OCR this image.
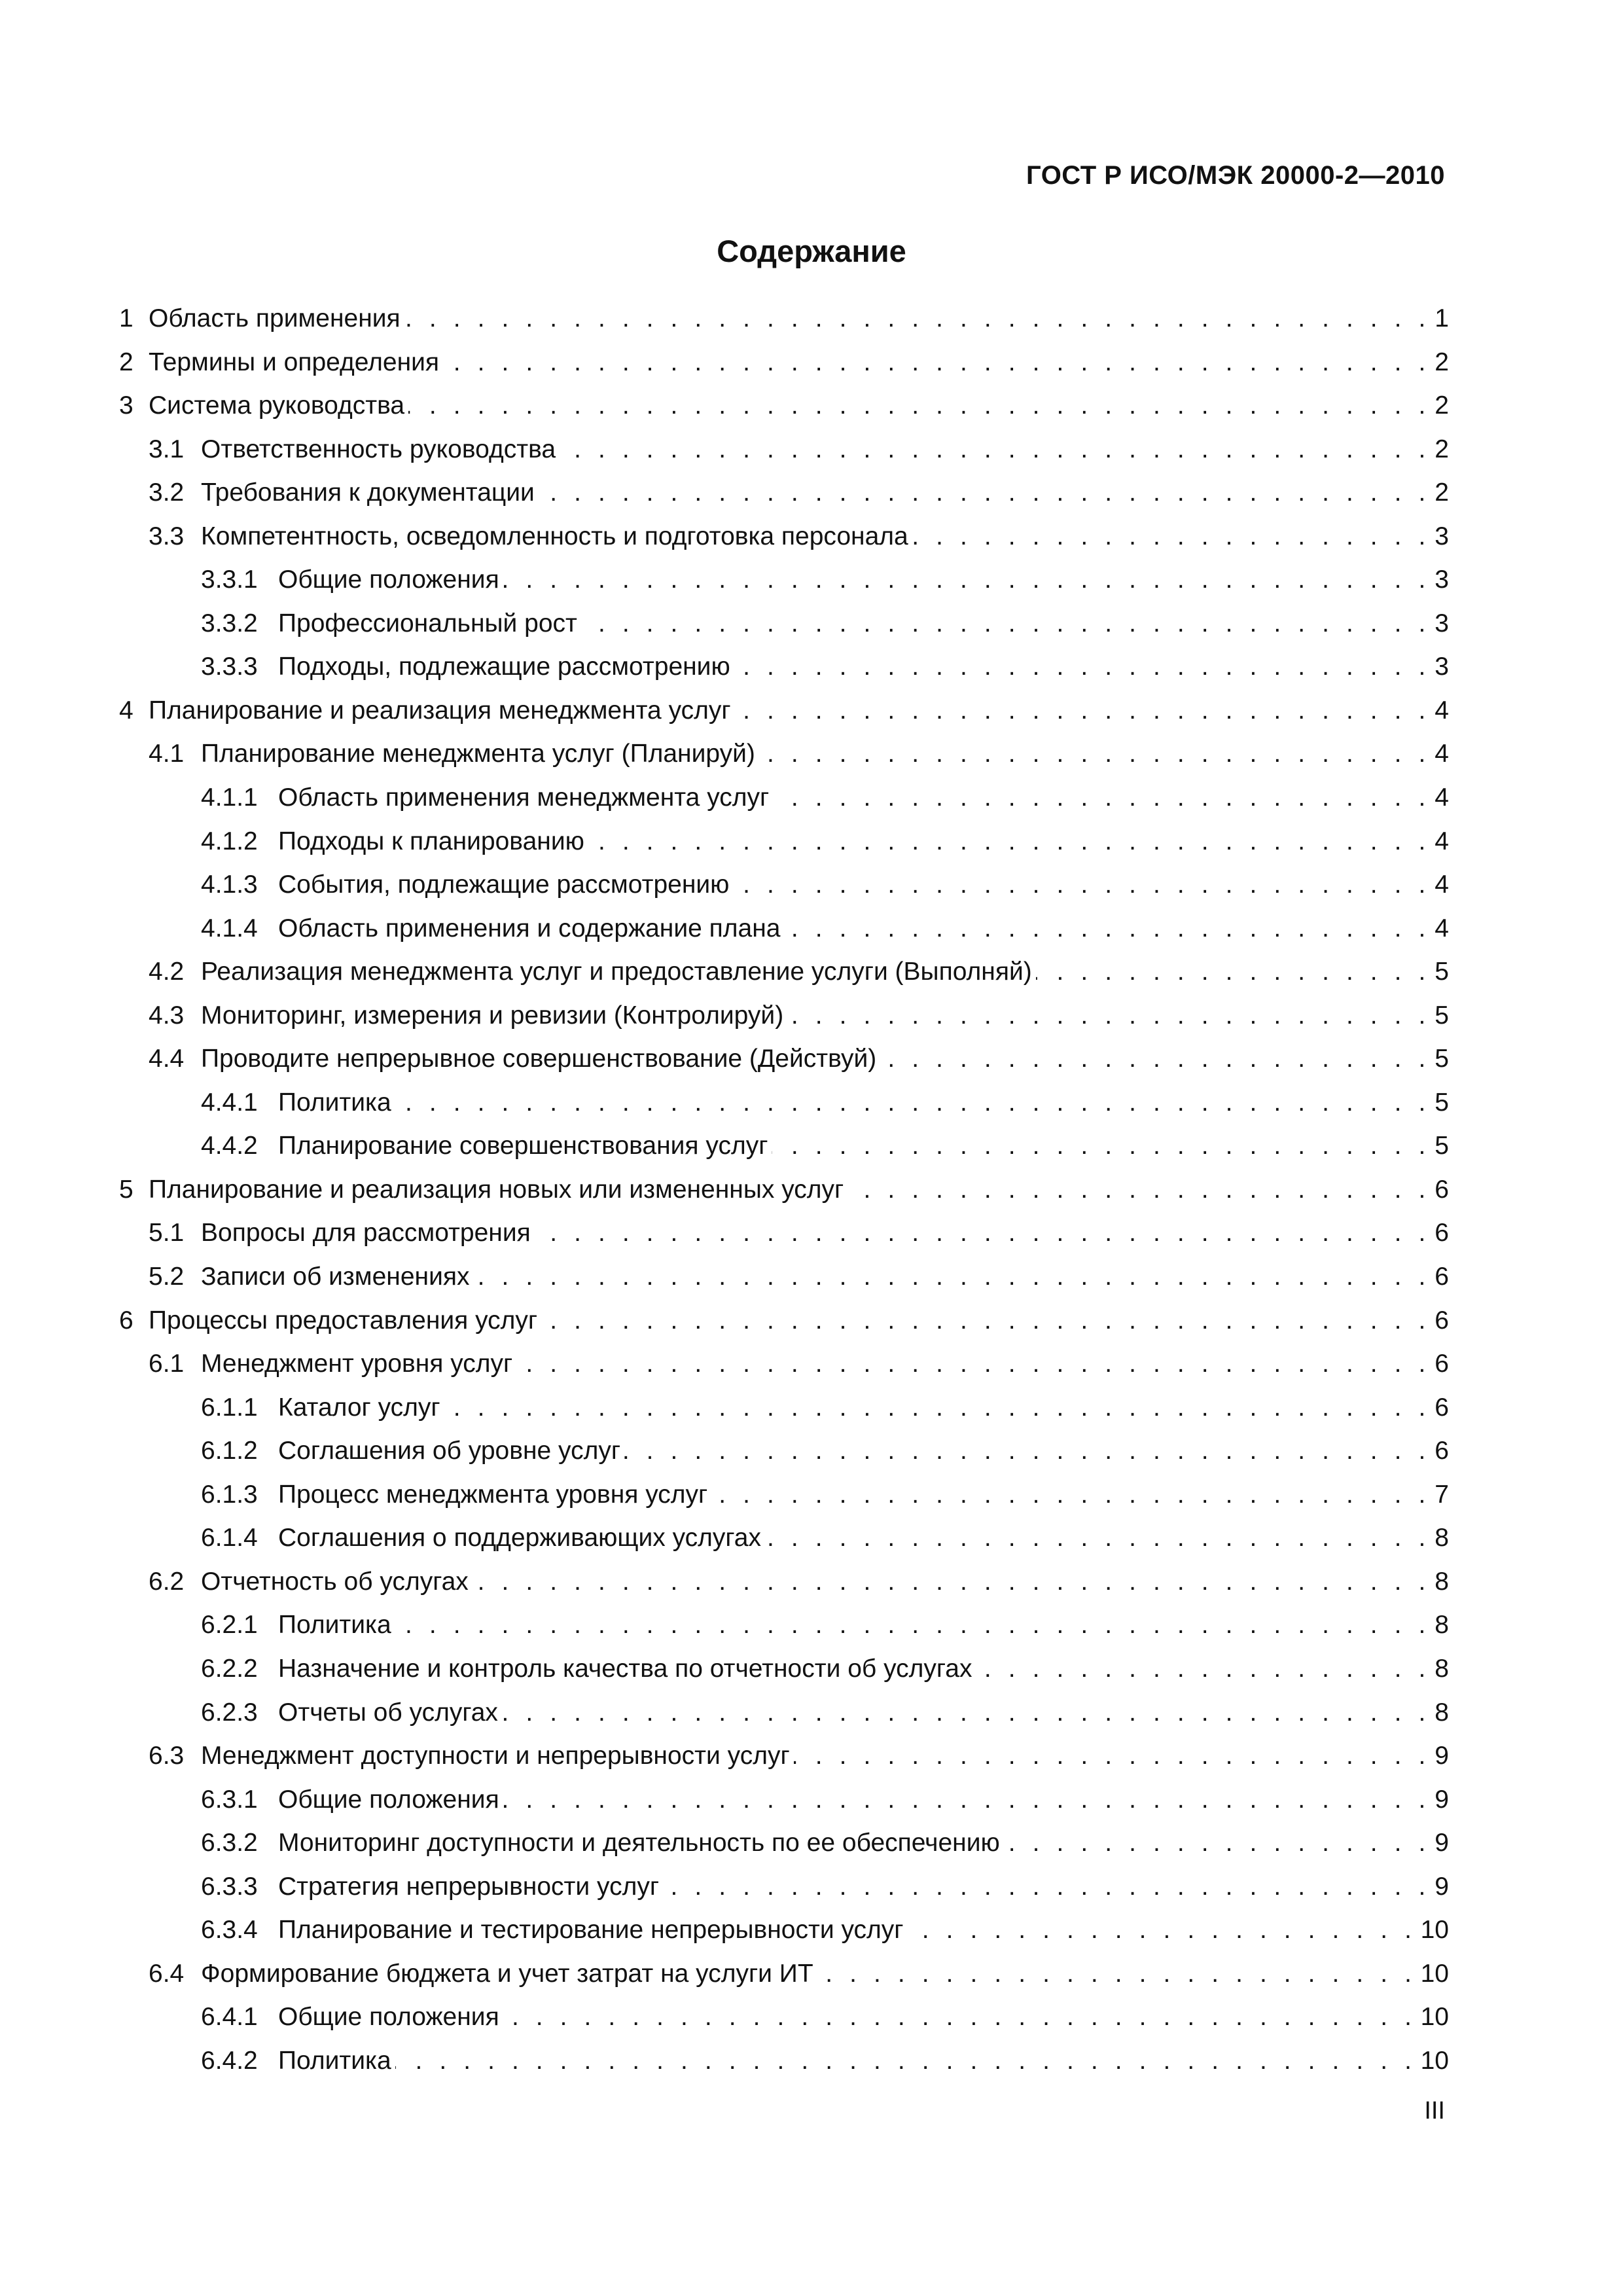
ГОСТ Р ИСО/МЭК 20000-2—2010
Содержание
1 Область применения . . .	1
2 Термины и определения . . .	2
3 Система руководства . . .	2
3.1 Ответственность руководства . . .	2
3.2 Требования к документации . . .	2
3.3 Компетентность, осведомленность и подготовка персонала . . .	3
3.3.1 Общие положения . . .	3
3.3.2 Профессиональный рост . . .	3
3.3.3 Подходы, подлежащие рассмотрению . . .	3
4 Планирование и реализация менеджмента услуг . . .	4
4.1 Планирование менеджмента услуг (Планируй) . . .	4
4.1.1 Область применения менеджмента услуг . . .	4
4.1.2 Подходы к планированию . . .	4
4.1.3 События, подлежащие рассмотрению . . .	4
4.1.4 Область применения и содержание плана . . .	4
4.2 Реализация менеджмента услуг и предоставление услуги (Выполняй) . . .	5
4.3 Мониторинг, измерения и ревизии (Контролируй) . . .	5
4.4 Проводите непрерывное совершенствование (Действуй) . . .	5
4.4.1 Политика . . .	5
4.4.2 Планирование совершенствования услуг . . .	5
5 Планирование и реализация новых или измененных услуг . . .	6
5.1 Вопросы для рассмотрения . . .	6
5.2 Записи об изменениях . . .	6
6 Процессы предоставления услуг . . .	6
6.1 Менеджмент уровня услуг . . .	6
6.1.1 Каталог услуг . . .	6
6.1.2 Соглашения об уровне услуг . . .	6
6.1.3 Процесс менеджмента уровня услуг . . .	7
6.1.4 Соглашения о поддерживающих услугах . . .	8
6.2 Отчетность об услугах . . .	8
6.2.1 Политика . . .	8
6.2.2 Назначение и контроль качества по отчетности об услугах . . .	8
6.2.3 Отчеты об услугах . . .	8
6.3 Менеджмент доступности и непрерывности услуг . . .	9
6.3.1 Общие положения . . .	9
6.3.2 Мониторинг доступности и деятельность по ее обеспечению . . .	9
6.3.3 Стратегия непрерывности услуг . . .	9
6.3.4 Планирование и тестирование непрерывности услуг . . .	10
6.4 Формирование бюджета и учет затрат на услуги ИТ . . .	10
6.4.1 Общие положения . . .	10
6.4.2 Политика . . .	10
III
